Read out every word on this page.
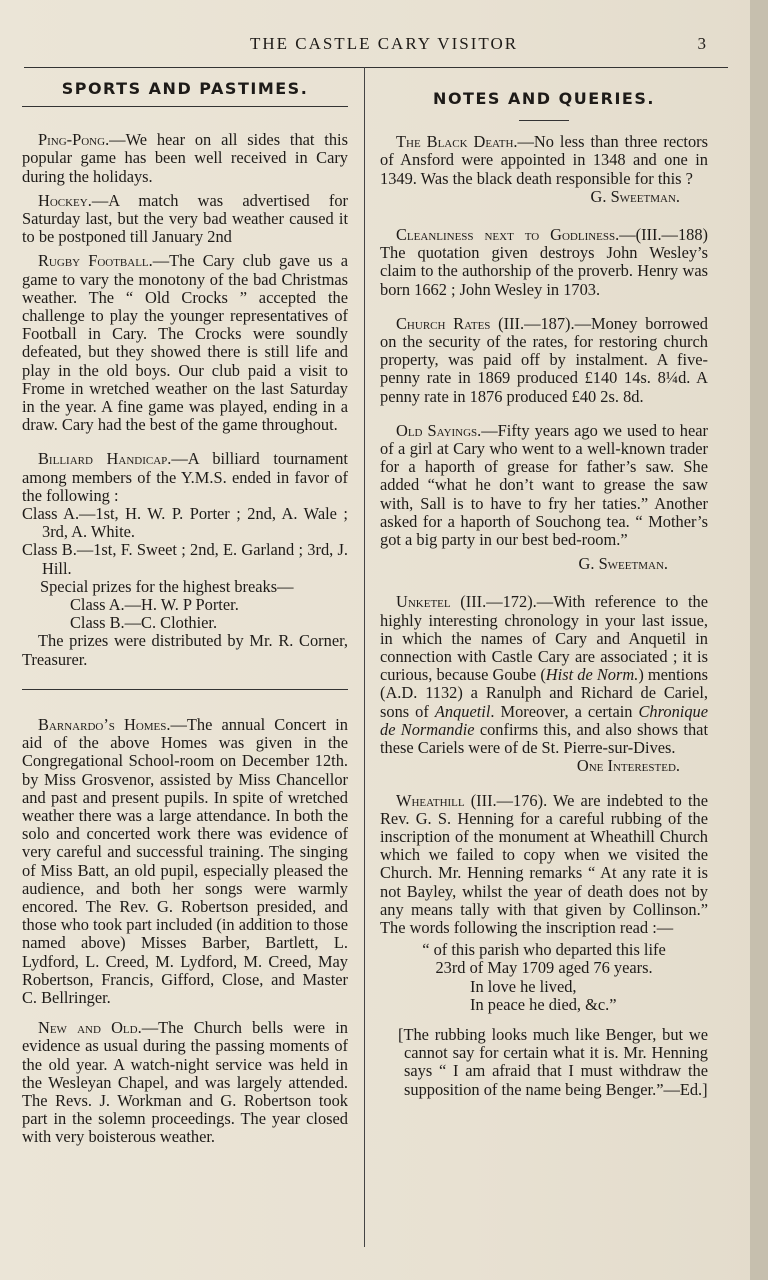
THE CASTLE CARY VISITOR	3
SPORTS AND PASTIMES.

Ping-Pong.—We hear on all sides that this popular game has been well received in Cary during the holidays.

Hockey.—A match was advertised for Saturday last, but the very bad weather caused it to be postponed till January 2nd

Rugby Football.—The Cary club gave us a game to vary the monotony of the bad Christmas weather. The “ Old Crocks ” accepted the challenge to play the younger representatives of Football in Cary. The Crocks were soundly defeated, but they showed there is still life and play in the old boys. Our club paid a visit to Frome in wretched weather on the last Saturday in the year. A fine game was played, ending in a draw. Cary had the best of the game throughout.

Billiard Handicap.—A billiard tournament among members of the Y.M.S. ended in favor of the following :

Class A.—1st, H. W. P. Porter ; 2nd, A. Wale ; 3rd, A. White.
Class B.—1st, F. Sweet ; 2nd, E. Garland ; 3rd, J. Hill.
Special prizes for the highest breaks—
Class A.—H. W. P Porter.
Class B.—C. Clothier.

The prizes were distributed by Mr. R. Corner, Treasurer.

Barnardo’s Homes.—The annual Concert in aid of the above Homes was given in the Congregational School-room on December 12th. by Miss Grosvenor, assisted by Miss Chancellor and past and present pupils. In spite of wretched weather there was a large attendance. In both the solo and concerted work there was evidence of very careful and successful training. The singing of Miss Batt, an old pupil, especially pleased the audience, and both her songs were warmly encored. The Rev. G. Robertson presided, and those who took part included (in addition to those named above) Misses Barber, Bartlett, L. Lydford, L. Creed, M. Lydford, M. Creed, May Robertson, Francis, Gifford, Close, and Master C. Bellringer.

New and Old.—The Church bells were in evidence as usual during the passing moments of the old year. A watch-night service was held in the Wesleyan Chapel, and was largely attended. The Revs. J. Workman and G. Robertson took part in the solemn proceedings. The year closed with very boisterous weather.

NOTES AND QUERIES.

The Black Death.—No less than three rectors of Ansford were appointed in 1348 and one in 1349. Was the black death responsible for this ?

G. Sweetman.

Cleanliness next to Godliness.—(III.—188) The quotation given destroys John Wesley’s claim to the authorship of the proverb. Henry was born 1662 ; John Wesley in 1703.

Church Rates (III.—187).—Money borrowed on the security of the rates, for restoring church property, was paid off by instalment. A five-penny rate in 1869 produced £140 14s. 8¼d. A penny rate in 1876 produced £40 2s. 8d.

Old Sayings.—Fifty years ago we used to hear of a girl at Cary who went to a well-known trader for a haporth of grease for father’s saw. She added “what he don’t want to grease the saw with, Sall is to have to fry her taties.” Another asked for a haporth of Souchong tea. “ Mother’s got a big party in our best bed-room.”

G. Sweetman.

Unketel (III.—172).—With reference to the highly interesting chronology in your last issue, in which the names of Cary and Anquetil in connection with Castle Cary are associated ; it is curious, because Goube (Hist de Norm.) mentions (A.D. 1132) a Ranulph and Richard de Cariel, sons of Anquetil. Moreover, a certain Chronique de Normandie confirms this, and also shows that these Cariels were of de St. Pierre-sur-Dives.

One Interested.

Wheathill (III.—176). We are indebted to the Rev. G. S. Henning for a careful rubbing of the inscription of the monument at Wheathill Church which we failed to copy when we visited the Church. Mr. Henning remarks “ At any rate it is not Bayley, whilst the year of death does not by any means tally with that given by Collinson.” The words following the inscription read :—

“ of this parish who departed this life
23rd of May 1709 aged 76 years.
In love he lived,
In peace he died, &c.”

[The rubbing looks much like Benger, but we cannot say for certain what it is. Mr. Henning says “ I am afraid that I must withdraw the supposition of the name being Benger.”—Ed.]
